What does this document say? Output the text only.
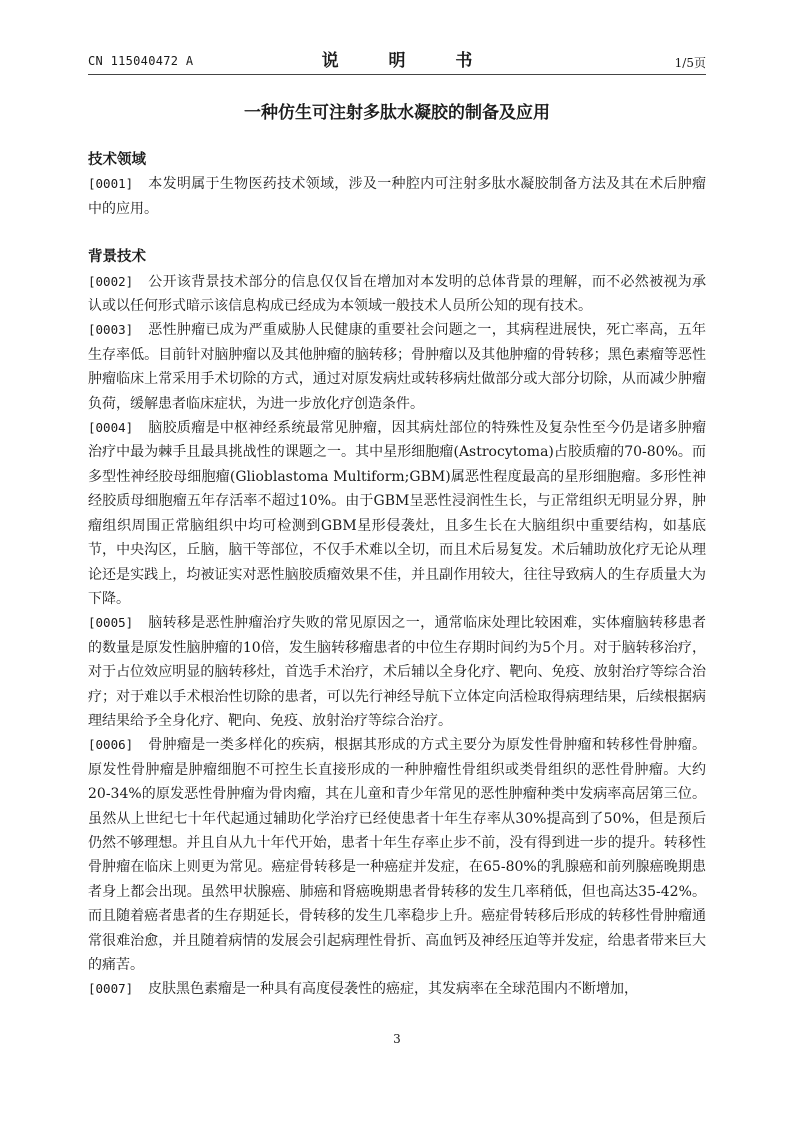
CN 115040472 A	说 明 书	1/5页
一种仿生可注射多肽水凝胶的制备及应用

技术领域

[0001] 本发明属于生物医药技术领域，涉及一种腔内可注射多肽水凝胶制备方法及其在术后肿瘤中的应用。

背景技术

[0002] 公开该背景技术部分的信息仅仅旨在增加对本发明的总体背景的理解，而不必然被视为承认或以任何形式暗示该信息构成已经成为本领域一般技术人员所公知的现有技术。

[0003] 恶性肿瘤已成为严重威胁人民健康的重要社会问题之一，其病程进展快，死亡率高，五年生存率低。目前针对脑肿瘤以及其他肿瘤的脑转移；骨肿瘤以及其他肿瘤的骨转移；黑色素瘤等恶性肿瘤临床上常采用手术切除的方式，通过对原发病灶或转移病灶做部分或大部分切除，从而减少肿瘤负荷，缓解患者临床症状，为进一步放化疗创造条件。

[0004] 脑胶质瘤是中枢神经系统最常见肿瘤，因其病灶部位的特殊性及复杂性至今仍是诸多肿瘤治疗中最为棘手且最具挑战性的课题之一。其中星形细胞瘤(Astrocytoma)占胶质瘤的70-80%。而多型性神经胶母细胞瘤(Glioblastoma Multiform;GBM)属恶性程度最高的星形细胞瘤。多形性神经胶质母细胞瘤五年存活率不超过10%。由于GBM呈恶性浸润性生长，与正常组织无明显分界，肿瘤组织周围正常脑组织中均可检测到GBM星形侵袭灶，且多生长在大脑组织中重要结构，如基底节，中央沟区，丘脑，脑干等部位，不仅手术难以全切，而且术后易复发。术后辅助放化疗无论从理论还是实践上，均被证实对恶性脑胶质瘤效果不佳，并且副作用较大，往往导致病人的生存质量大为下降。

[0005] 脑转移是恶性肿瘤治疗失败的常见原因之一，通常临床处理比较困难，实体瘤脑转移患者的数量是原发性脑肿瘤的10倍，发生脑转移瘤患者的中位生存期时间约为5个月。对于脑转移治疗，对于占位效应明显的脑转移灶，首选手术治疗，术后辅以全身化疗、靶向、免疫、放射治疗等综合治疗；对于难以手术根治性切除的患者，可以先行神经导航下立体定向活检取得病理结果，后续根据病理结果给予全身化疗、靶向、免疫、放射治疗等综合治疗。

[0006] 骨肿瘤是一类多样化的疾病，根据其形成的方式主要分为原发性骨肿瘤和转移性骨肿瘤。原发性骨肿瘤是肿瘤细胞不可控生长直接形成的一种肿瘤性骨组织或类骨组织的恶性骨肿瘤。大约20-34%的原发恶性骨肿瘤为骨肉瘤，其在儿童和青少年常见的恶性肿瘤种类中发病率高居第三位。虽然从上世纪七十年代起通过辅助化学治疗已经使患者十年生存率从30%提高到了50%，但是预后仍然不够理想。并且自从九十年代开始，患者十年生存率止步不前，没有得到进一步的提升。转移性骨肿瘤在临床上则更为常见。癌症骨转移是一种癌症并发症，在65-80%的乳腺癌和前列腺癌晚期患者身上都会出现。虽然甲状腺癌、肺癌和肾癌晚期患者骨转移的发生几率稍低，但也高达35-42%。而且随着癌者患者的生存期延长，骨转移的发生几率稳步上升。癌症骨转移后形成的转移性骨肿瘤通常很难治愈，并且随着病情的发展会引起病理性骨折、高血钙及神经压迫等并发症，给患者带来巨大的痛苦。

[0007] 皮肤黑色素瘤是一种具有高度侵袭性的癌症，其发病率在全球范围内不断增加，

3
